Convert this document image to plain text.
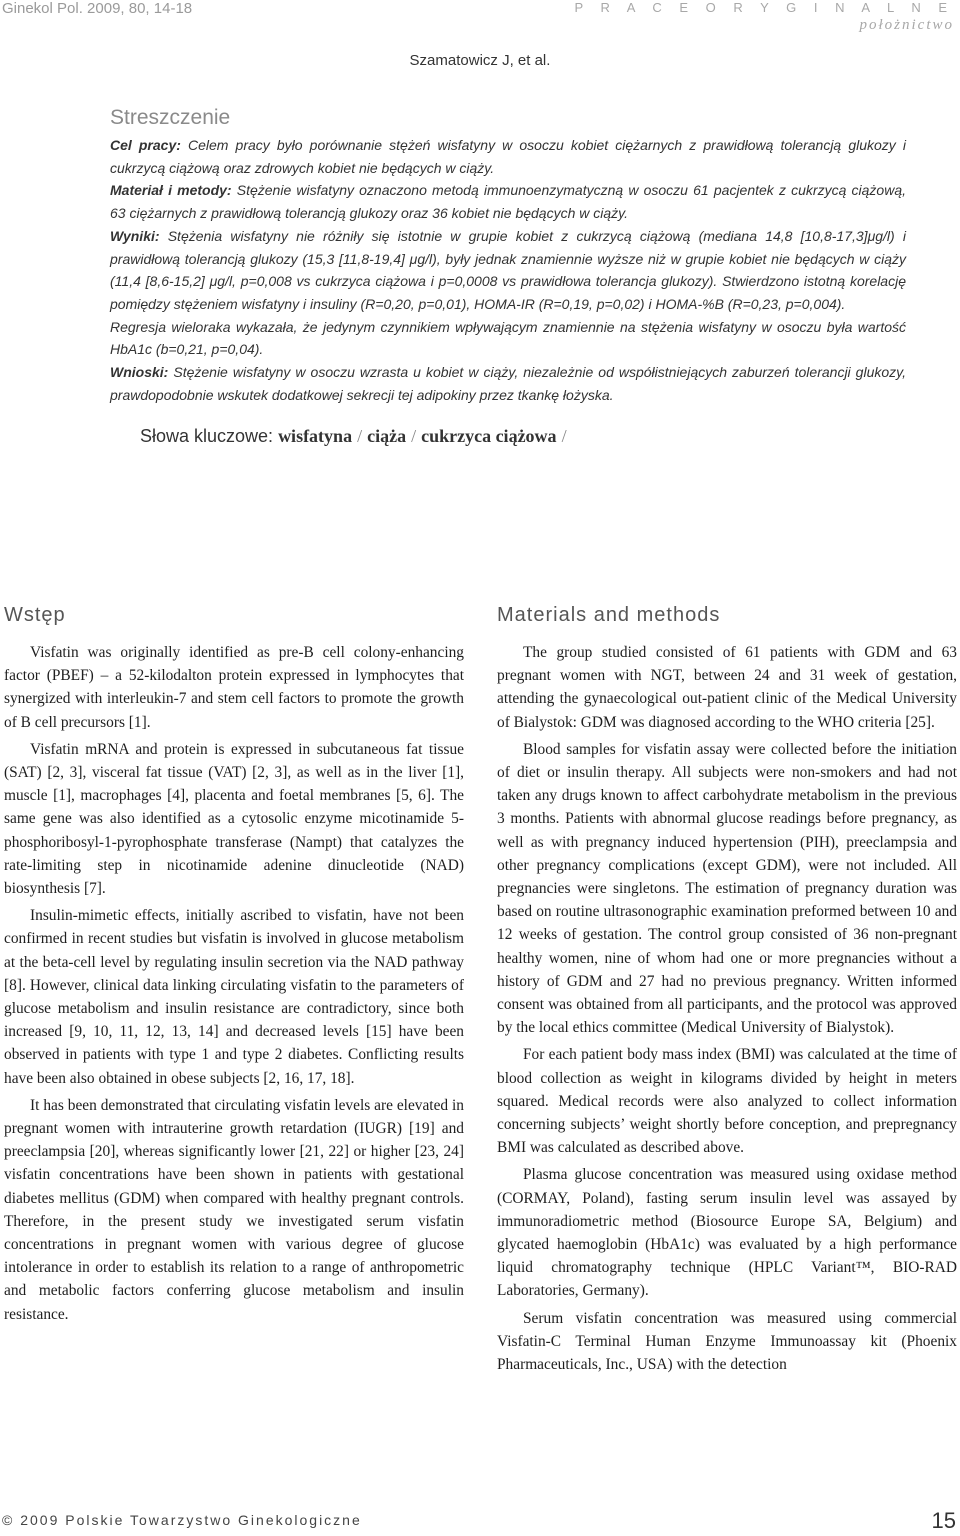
Ginekol Pol. 2009, 80, 14-18	P R A C E O R Y G I N A L N E
położnictwo
Szamatowicz J, et al.
Streszczenie

Cel pracy: Celem pracy było porównanie stężeń wisfatyny w osoczu kobiet ciężarnych z prawidłową tolerancją glukozy i cukrzycą ciążową oraz zdrowych kobiet nie będących w ciąży.

Materiał i metody: Stężenie wisfatyny oznaczono metodą immunoenzymatyczną w osoczu 61 pacjentek z cukrzycą ciążową, 63 ciężarnych z prawidłową tolerancją glukozy oraz 36 kobiet nie będących w ciąży.

Wyniki: Stężenia wisfatyny nie różniły się istotnie w grupie kobiet z cukrzycą ciążową (mediana 14,8 [10,8-17,3]μg/l) i prawidłową tolerancją glukozy (15,3 [11,8-19,4] μg/l), były jednak znamiennie wyższe niż w grupie kobiet nie będących w ciąży (11,4 [8,6-15,2] μg/l, p=0,008 vs cukrzyca ciążowa i p=0,0008 vs prawidłowa tolerancja glukozy). Stwierdzono istotną korelację pomiędzy stężeniem wisfatyny i insuliny (R=0,20, p=0,01), HOMA-IR (R=0,19, p=0,02) i HOMA-%B (R=0,23, p=0,004).

Regresja wieloraka wykazała, że jedynym czynnikiem wpływającym znamiennie na stężenia wisfatyny w osoczu była wartość HbA1c (b=0,21, p=0,04).

Wnioski: Stężenie wisfatyny w osoczu wzrasta u kobiet w ciąży, niezależnie od współistniejących zaburzeń tolerancji glukozy, prawdopodobnie wskutek dodatkowej sekrecji tej adipokiny przez tkankę łożyska.

Słowa kluczowe: wisfatyna / ciąża / cukrzyca ciążowa /
Wstęp

Visfatin was originally identified as pre-B cell colony-enhancing factor (PBEF) – a 52-kilodalton protein expressed in lymphocytes that synergized with interleukin-7 and stem cell factors to promote the growth of B cell precursors [1].

Visfatin mRNA and protein is expressed in subcutaneous fat tissue (SAT) [2, 3], visceral fat tissue (VAT) [2, 3], as well as in the liver [1], muscle [1], macrophages [4], placenta and foetal membranes [5, 6]. The same gene was also identified as a cytosolic enzyme micotinamide 5-phosphoribosyl-1-pyrophosphate transferase (Nampt) that catalyzes the rate-limiting step in nicotinamide adenine dinucleotide (NAD) biosynthesis [7].

Insulin-mimetic effects, initially ascribed to visfatin, have not been confirmed in recent studies but visfatin is involved in glucose metabolism at the beta-cell level by regulating insulin secretion via the NAD pathway [8]. However, clinical data linking circulating visfatin to the parameters of glucose metabolism and insulin resistance are contradictory, since both increased [9, 10, 11, 12, 13, 14] and decreased levels [15] have been observed in patients with type 1 and type 2 diabetes. Conflicting results have been also obtained in obese subjects [2, 16, 17, 18].

It has been demonstrated that circulating visfatin levels are elevated in pregnant women with intrauterine growth retardation (IUGR) [19] and preeclampsia [20], whereas significantly lower [21, 22] or higher [23, 24] visfatin concentrations have been shown in patients with gestational diabetes mellitus (GDM) when compared with healthy pregnant controls. Therefore, in the present study we investigated serum visfatin concentrations in pregnant women with various degree of glucose intolerance in order to establish its relation to a range of anthropometric and metabolic factors conferring glucose metabolism and insulin resistance.

Materials and methods

The group studied consisted of 61 patients with GDM and 63 pregnant women with NGT, between 24 and 31 week of gestation, attending the gynaecological out-patient clinic of the Medical University of Bialystok: GDM was diagnosed according to the WHO criteria [25].

Blood samples for visfatin assay were collected before the initiation of diet or insulin therapy. All subjects were non-smokers and had not taken any drugs known to affect carbohydrate metabolism in the previous 3 months. Patients with abnormal glucose readings before pregnancy, as well as with pregnancy induced hypertension (PIH), preeclampsia and other pregnancy complications (except GDM), were not included. All pregnancies were singletons. The estimation of pregnancy duration was based on routine ultrasonographic examination preformed between 10 and 12 weeks of gestation. The control group consisted of 36 non-pregnant healthy women, nine of whom had one or more pregnancies without a history of GDM and 27 had no previous pregnancy. Written informed consent was obtained from all participants, and the protocol was approved by the local ethics committee (Medical University of Bialystok).

For each patient body mass index (BMI) was calculated at the time of blood collection as weight in kilograms divided by height in meters squared. Medical records were also analyzed to collect information concerning subjects’ weight shortly before conception, and prepregnancy BMI was calculated as described above.

Plasma glucose concentration was measured using oxidase method (CORMAY, Poland), fasting serum insulin level was assayed by immunoradiometric method (Biosource Europe SA, Belgium) and glycated haemoglobin (HbA1c) was evaluated by a high performance liquid chromatography technique (HPLC Variant™, BIO-RAD Laboratories, Germany).

Serum visfatin concentration was measured using commercial Visfatin-C Terminal Human Enzyme Immunoassay kit (Phoenix Pharmaceuticals, Inc., USA) with the detection

© 2009 Polskie Towarzystwo Ginekologiczne	15
